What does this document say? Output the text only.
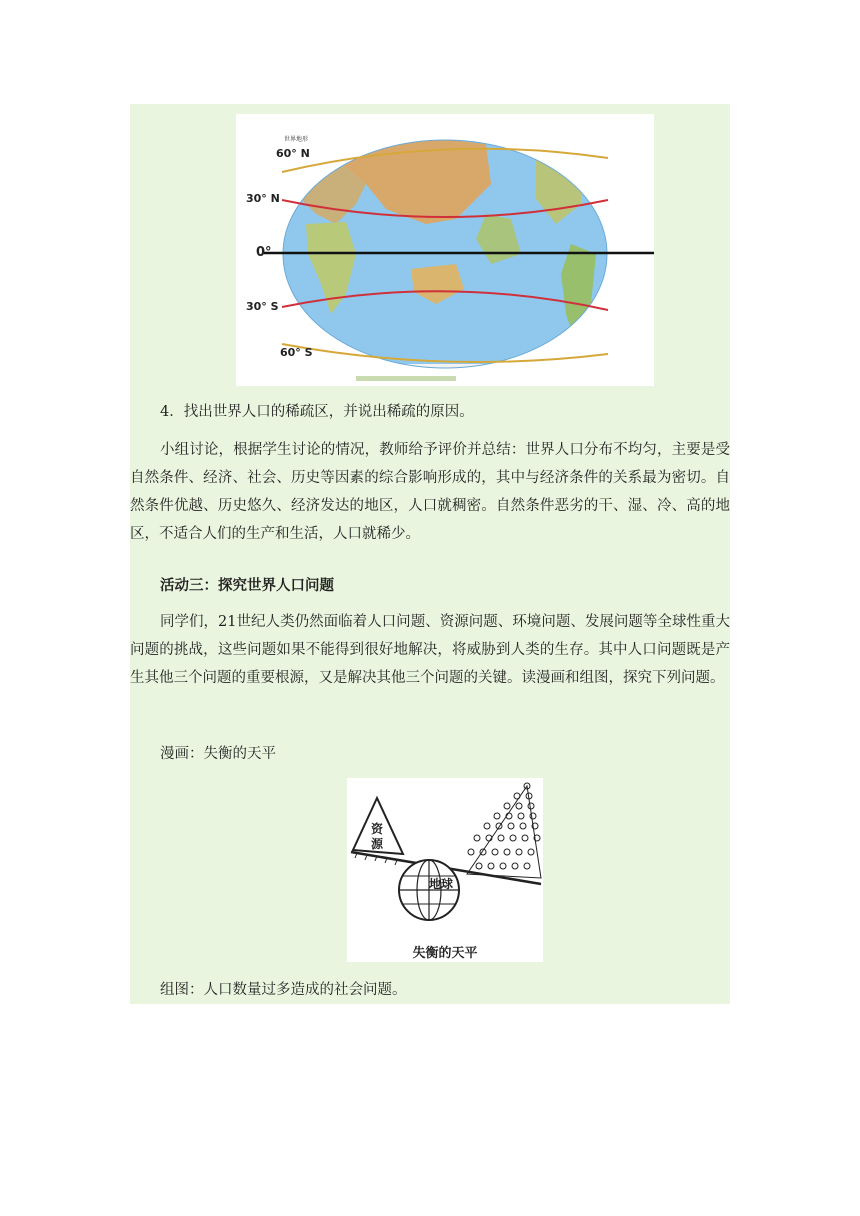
世界地形
60° N
30° N
0°
30° S
60° S
4．找出世界人口的稀疏区，并说出稀疏的原因。
小组讨论，根据学生讨论的情况，教师给予评价并总结：世界人口分布不均匀，主要是受自然条件、经济、社会、历史等因素的综合影响形成的，其中与经济条件的关系最为密切。自然条件优越、历史悠久、经济发达的地区，人口就稠密。自然条件恶劣的干、湿、冷、高的地区，不适合人们的生产和生活，人口就稀少。
活动三：探究世界人口问题
同学们，21世纪人类仍然面临着人口问题、资源问题、环境问题、发展问题等全球性重大问题的挑战，这些问题如果不能得到很好地解决，将威胁到人类的生存。其中人口问题既是产生其他三个问题的重要根源，又是解决其他三个问题的关键。读漫画和组图，探究下列问题。
漫画：失衡的天平
资
源
地球
失衡的天平
组图：人口数量过多造成的社会问题。
